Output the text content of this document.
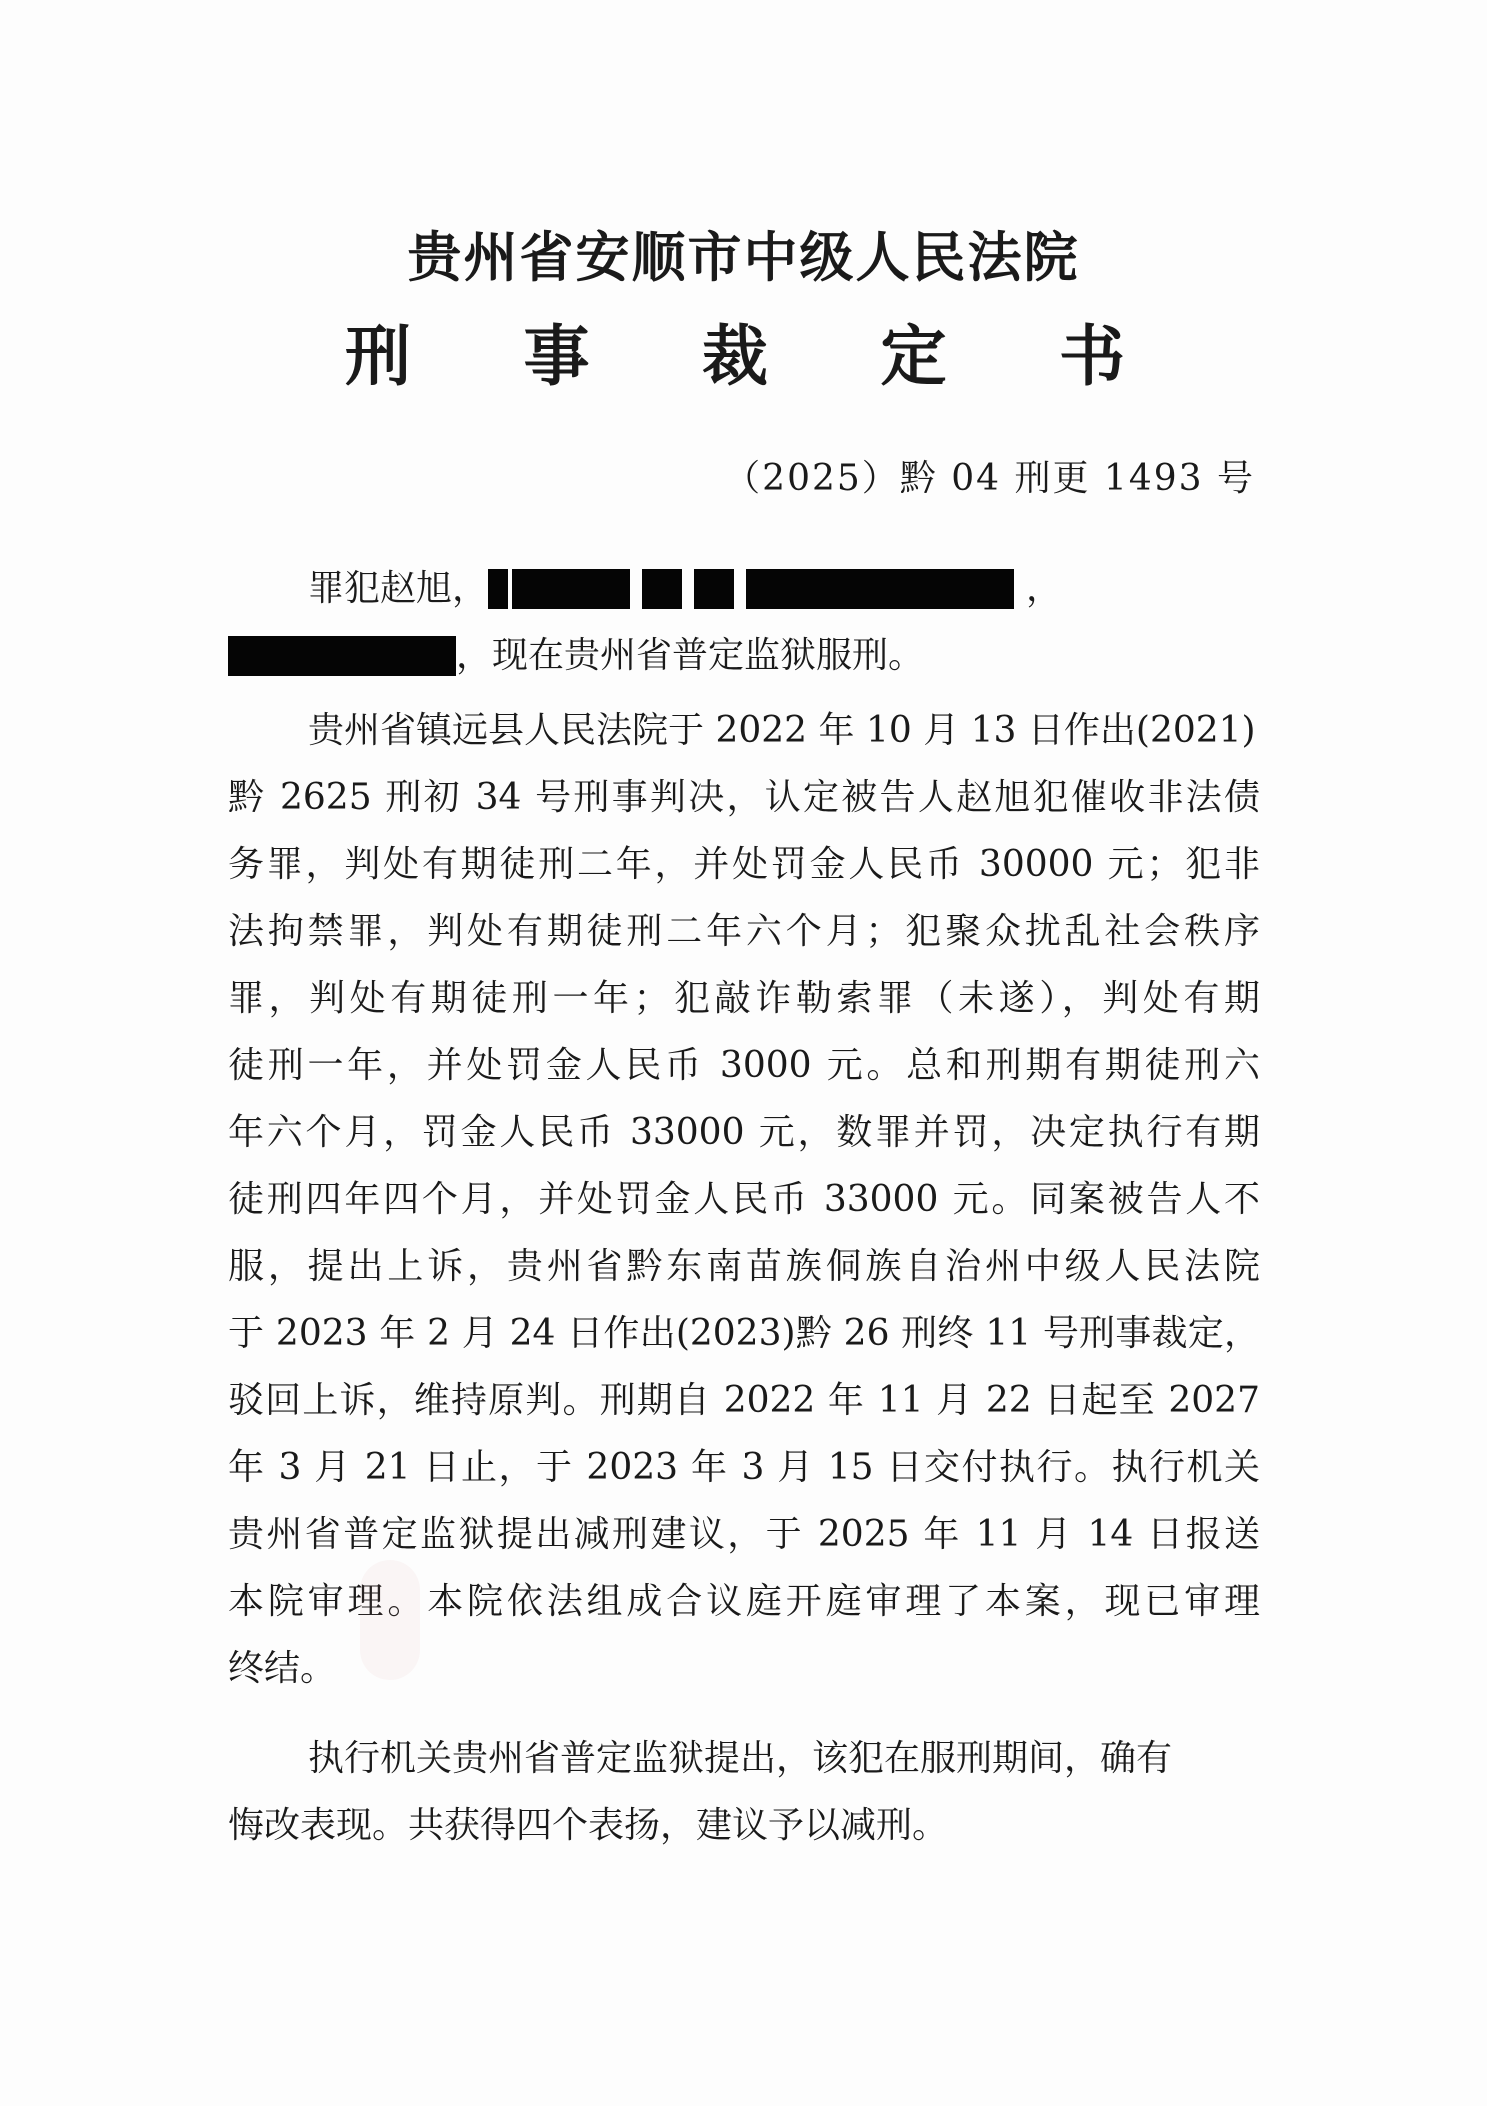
贵州省安顺市中级人民法院
刑 事 裁 定 书
（2025）黔 04 刑更 1493 号
罪犯赵旭，	，
，现在贵州省普定监狱服刑。
贵州省镇远县人民法院于 2022 年 10 月 13 日作出(2021)
黔 2625 刑初 34 号刑事判决，认定被告人赵旭犯催收非法债
务罪，判处有期徒刑二年，并处罚金人民币 30000 元；犯非
法拘禁罪，判处有期徒刑二年六个月；犯聚众扰乱社会秩序
罪，判处有期徒刑一年；犯敲诈勒索罪（未遂），判处有期
徒刑一年，并处罚金人民币 3000 元。总和刑期有期徒刑六
年六个月，罚金人民币 33000 元，数罪并罚，决定执行有期
徒刑四年四个月，并处罚金人民币 33000 元。同案被告人不
服，提出上诉，贵州省黔东南苗族侗族自治州中级人民法院
于 2023 年 2 月 24 日作出(2023)黔 26 刑终 11 号刑事裁定，
驳回上诉，维持原判。刑期自 2022 年 11 月 22 日起至 2027
年 3 月 21 日止，于 2023 年 3 月 15 日交付执行。执行机关
贵州省普定监狱提出减刑建议，于 2025 年 11 月 14 日报送
本院审理。本院依法组成合议庭开庭审理了本案，现已审理
终结。
执行机关贵州省普定监狱提出，该犯在服刑期间，确有
悔改表现。共获得四个表扬，建议予以减刑。
